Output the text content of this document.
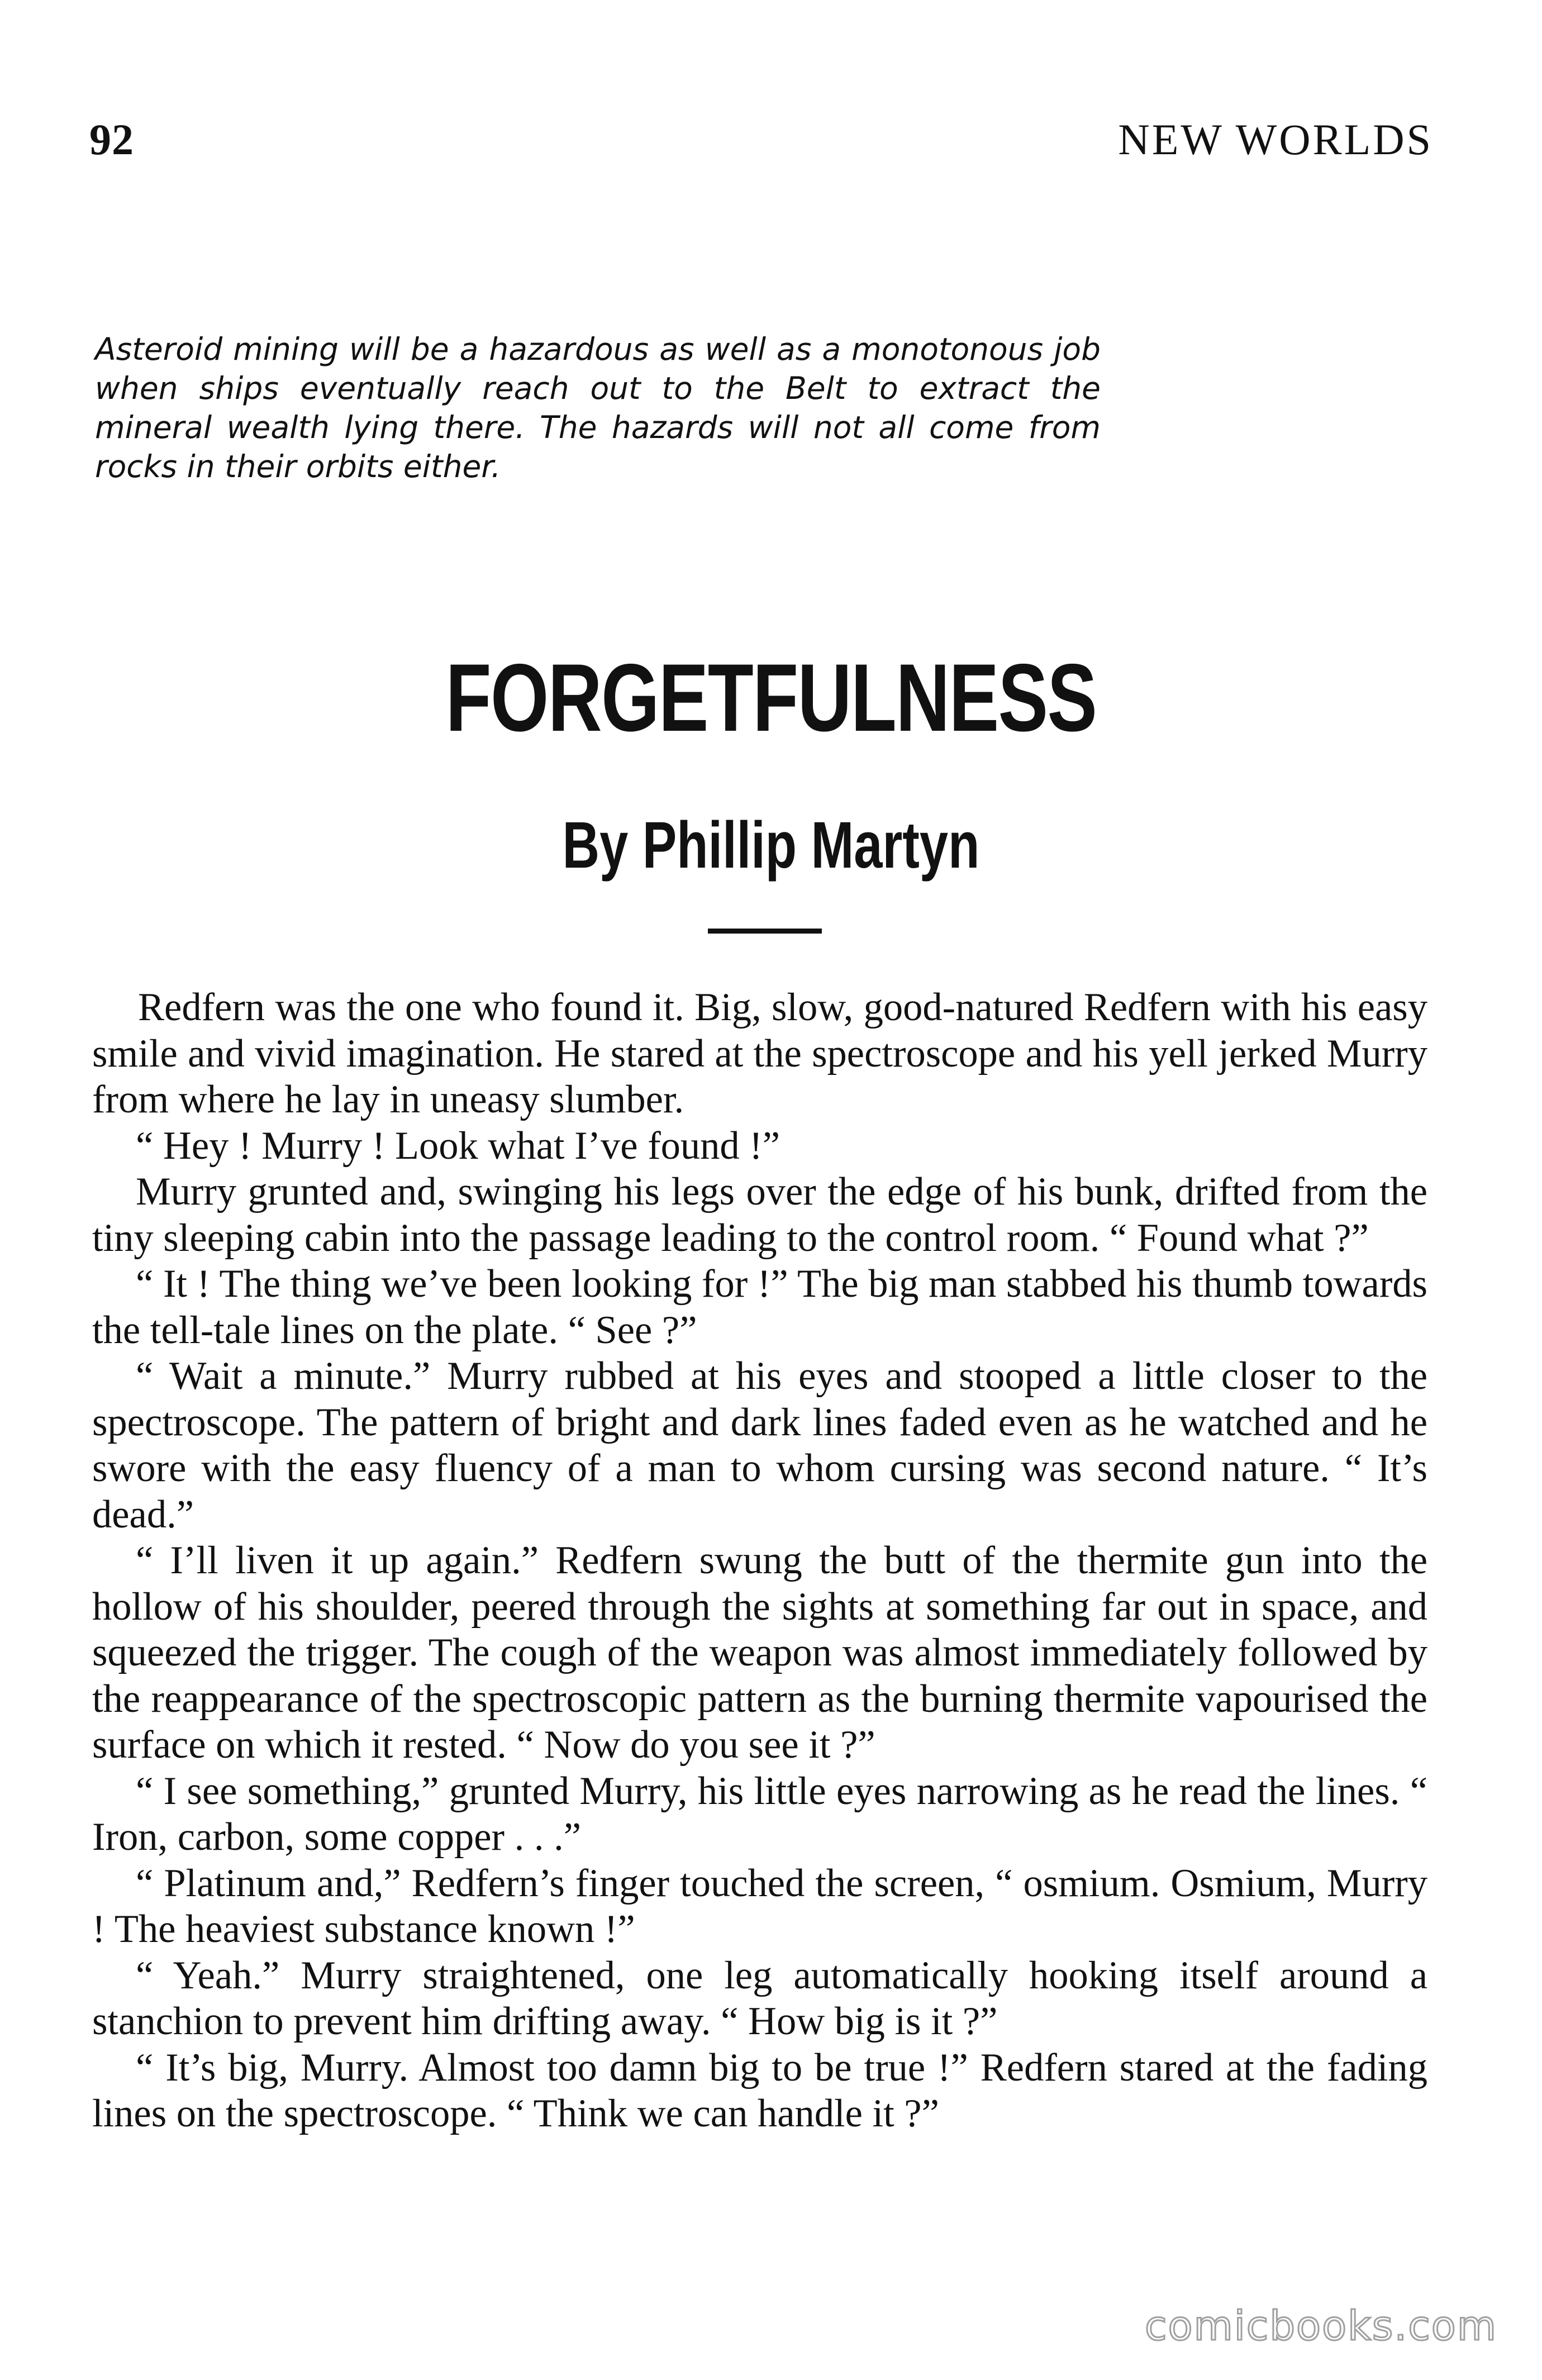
92	NEW WORLDS
Asteroid mining will be a hazardous as well as a monotonous job when ships eventually reach out to the Belt to extract the mineral wealth lying there. The hazards will not all come from rocks in their orbits either.
FORGETFULNESS
By Phillip Martyn

Redfern was the one who found it. Big, slow, good-natured Redfern with his easy smile and vivid imagination. He stared at the spectroscope and his yell jerked Murry from where he lay in uneasy slumber.

“ Hey ! Murry ! Look what I’ve found !”

Murry grunted and, swinging his legs over the edge of his bunk, drifted from the tiny sleeping cabin into the passage leading to the control room. “ Found what ?”

“ It ! The thing we’ve been looking for !” The big man stabbed his thumb towards the tell-tale lines on the plate. “ See ?”

“ Wait a minute.” Murry rubbed at his eyes and stooped a little closer to the spectroscope. The pattern of bright and dark lines faded even as he watched and he swore with the easy fluency of a man to whom cursing was second nature. “ It’s dead.”

“ I’ll liven it up again.” Redfern swung the butt of the thermite gun into the hollow of his shoulder, peered through the sights at something far out in space, and squeezed the trigger. The cough of the weapon was almost immediately followed by the reappearance of the spectroscopic pattern as the burning thermite vapourised the surface on which it rested. “ Now do you see it ?”

“ I see something,” grunted Murry, his little eyes narrowing as he read the lines. “ Iron, carbon, some copper . . .”

“ Platinum and,” Redfern’s finger touched the screen, “ osmium. Osmium, Murry ! The heaviest substance known !”

“ Yeah.” Murry straightened, one leg automatically hooking itself around a stanchion to prevent him drifting away. “ How big is it ?”

“ It’s big, Murry. Almost too damn big to be true !” Redfern stared at the fading lines on the spectroscope. “ Think we can handle it ?”

comicbooks.com
